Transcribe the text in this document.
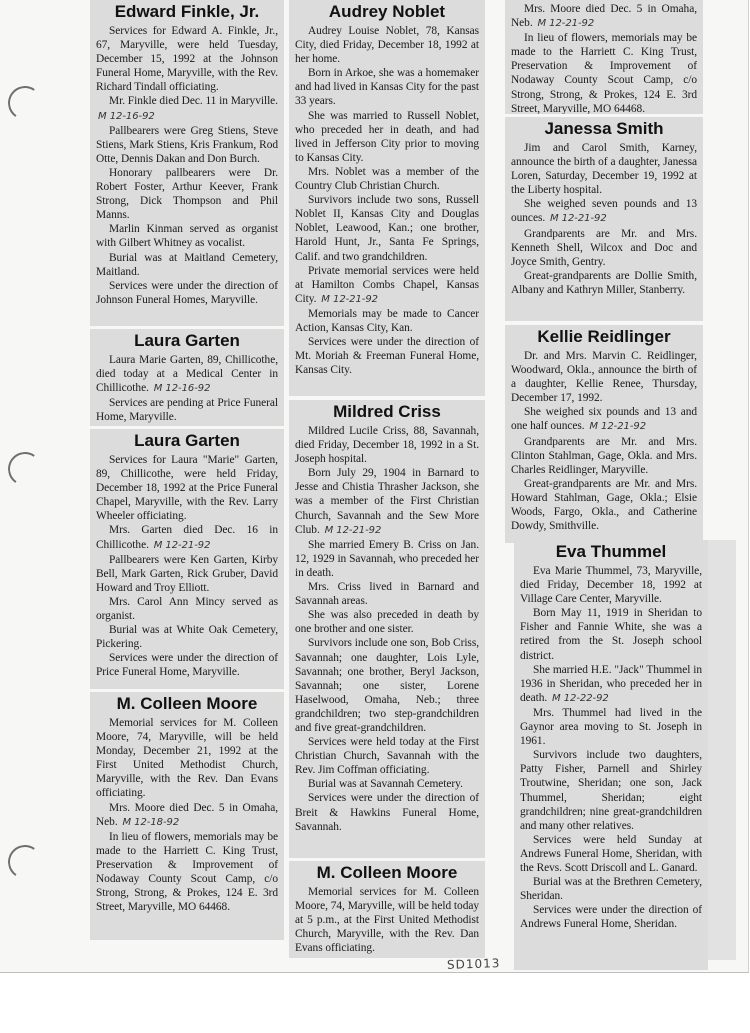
Edward Finkle, Jr.

Services for Edward A. Finkle, Jr., 67, Maryville, were held Tuesday, December 15, 1992 at the Johnson Funeral Home, Maryville, with the Rev. Richard Tindall officiating.

Mr. Finkle died Dec. 11 in Maryville. M 12-16-92

Pallbearers were Greg Stiens, Steve Stiens, Mark Stiens, Kris Frankum, Rod Otte, Dennis Dakan and Don Burch.

Honorary pallbearers were Dr. Robert Foster, Arthur Keever, Frank Strong, Dick Thompson and Phil Manns.

Marlin Kinman served as organist with Gilbert Whitney as vocalist.

Burial was at Maitland Cemetery, Maitland.

Services were under the direction of Johnson Funeral Homes, Maryville.

Laura Garten

Laura Marie Garten, 89, Chillicothe, died today at a Medical Center in Chillicothe. M 12-16-92

Services are pending at Price Funeral Home, Maryville.

Laura Garten

Services for Laura "Marie" Garten, 89, Chillicothe, were held Friday, December 18, 1992 at the Price Funeral Chapel, Maryville, with the Rev. Larry Wheeler officiating.

Mrs. Garten died Dec. 16 in Chillicothe. M 12-21-92

Pallbearers were Ken Garten, Kirby Bell, Mark Garten, Rick Gruber, David Howard and Troy Elliott.

Mrs. Carol Ann Mincy served as organist.

Burial was at White Oak Cemetery, Pickering.

Services were under the direction of Price Funeral Home, Maryville.

M. Colleen Moore

Memorial services for M. Colleen Moore, 74, Maryville, will be held Monday, December 21, 1992 at the First United Methodist Church, Maryville, with the Rev. Dan Evans officiating.

Mrs. Moore died Dec. 5 in Omaha, Neb. M 12-18-92

In lieu of flowers, memorials may be made to the Harriett C. King Trust, Preservation & Improvement of Nodaway County Scout Camp, c/o Strong, Strong, & Prokes, 124 E. 3rd Street, Maryville, MO 64468.

Audrey Noblet

Audrey Louise Noblet, 78, Kansas City, died Friday, December 18, 1992 at her home.

Born in Arkoe, she was a homemaker and had lived in Kansas City for the past 33 years.

She was married to Russell Noblet, who preceded her in death, and had lived in Jefferson City prior to moving to Kansas City.

Mrs. Noblet was a member of the Country Club Christian Church.

Survivors include two sons, Russell Noblet II, Kansas City and Douglas Noblet, Leawood, Kan.; one brother, Harold Hunt, Jr., Santa Fe Springs, Calif. and two grandchildren.

Private memorial services were held at Hamilton Combs Chapel, Kansas City. M 12-21-92

Memorials may be made to Cancer Action, Kansas City, Kan.

Services were under the direction of Mt. Moriah & Freeman Funeral Home, Kansas City.

Mildred Criss

Mildred Lucile Criss, 88, Savannah, died Friday, December 18, 1992 in a St. Joseph hospital.

Born July 29, 1904 in Barnard to Jesse and Chistia Thrasher Jackson, she was a member of the First Christian Church, Savannah and the Sew More Club. M 12-21-92

She married Emery B. Criss on Jan. 12, 1929 in Savannah, who preceded her in death.

Mrs. Criss lived in Barnard and Savannah areas.

She was also preceded in death by one brother and one sister.

Survivors include one son, Bob Criss, Savannah; one daughter, Lois Lyle, Savannah; one brother, Beryl Jackson, Savannah; one sister, Lorene Haselwood, Omaha, Neb.; three grandchildren; two step-grandchildren and five great-grandchildren.

Services were held today at the First Christian Church, Savannah with the Rev. Jim Coffman officiating.

Burial was at Savannah Cemetery.

Services were under the direction of Breit & Hawkins Funeral Home, Savannah.

M. Colleen Moore

Memorial services for M. Colleen Moore, 74, Maryville, will be held today at 5 p.m., at the First United Methodist Church, Maryville, with the Rev. Dan Evans officiating.

Mrs. Moore died Dec. 5 in Omaha, Neb. M 12-21-92

In lieu of flowers, memorials may be made to the Harriett C. King Trust, Preservation & Improvement of Nodaway County Scout Camp, c/o Strong, Strong, & Prokes, 124 E. 3rd Street, Maryville, MO 64468.

Janessa Smith

Jim and Carol Smith, Karney, announce the birth of a daughter, Janessa Loren, Saturday, December 19, 1992 at the Liberty hospital.

She weighed seven pounds and 13 ounces. M 12-21-92

Grandparents are Mr. and Mrs. Kenneth Shell, Wilcox and Doc and Joyce Smith, Gentry.

Great-grandparents are Dollie Smith, Albany and Kathryn Miller, Stanberry.

Kellie Reidlinger

Dr. and Mrs. Marvin C. Reidlinger, Woodward, Okla., announce the birth of a daughter, Kellie Renee, Thursday, December 17, 1992.

She weighed six pounds and 13 and one half ounces. M 12-21-92

Grandparents are Mr. and Mrs. Clinton Stahlman, Gage, Okla. and Mrs. Charles Reidlinger, Maryville.

Great-grandparents are Mr. and Mrs. Howard Stahlman, Gage, Okla.; Elsie Woods, Fargo, Okla., and Catherine Dowdy, Smithville.

Eva Thummel

Eva Marie Thummel, 73, Maryville, died Friday, December 18, 1992 at Village Care Center, Maryville.

Born May 11, 1919 in Sheridan to Fisher and Fannie White, she was a retired from the St. Joseph school district.

She married H.E. "Jack" Thummel in 1936 in Sheridan, who preceded her in death. M 12-22-92

Mrs. Thummel had lived in the Gaynor area moving to St. Joseph in 1961.

Survivors include two daughters, Patty Fisher, Parnell and Shirley Troutwine, Sheridan; one son, Jack Thummel, Sheridan; eight grandchildren; nine great-grandchildren and many other relatives.

Services were held Sunday at Andrews Funeral Home, Sheridan, with the Revs. Scott Driscoll and L. Ganard.

Burial was at the Brethren Cemetery, Sheridan.

Services were under the direction of Andrews Funeral Home, Sheridan.

SD1013
